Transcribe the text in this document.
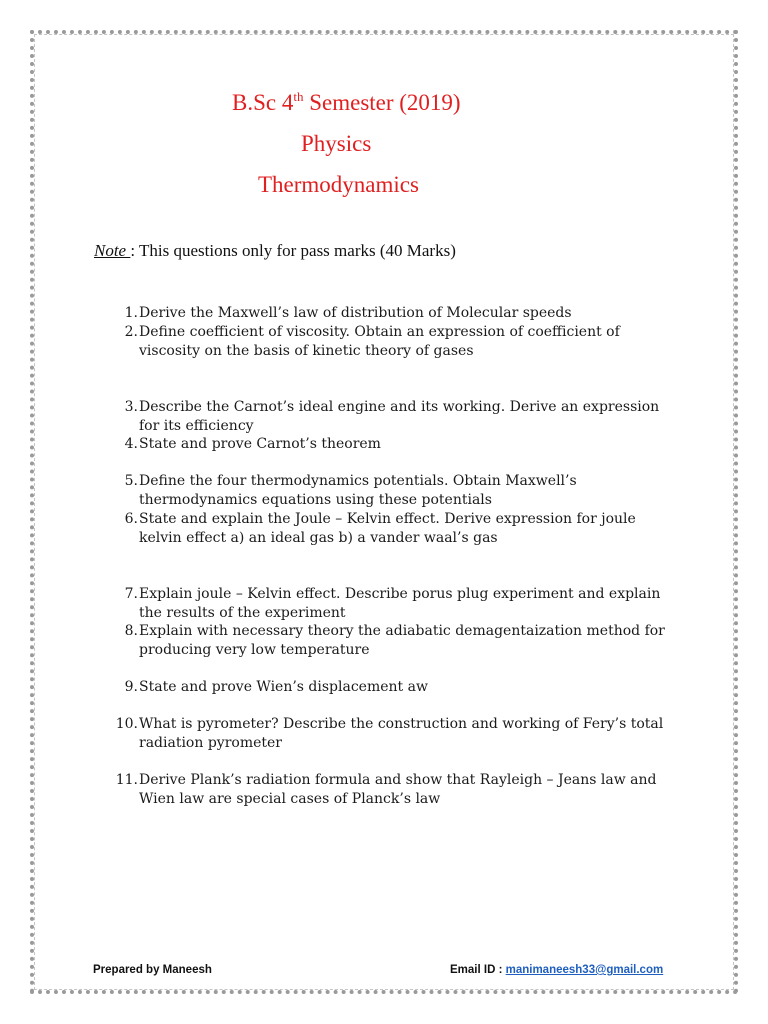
B.Sc 4th Semester (2019)
Physics
Thermodynamics
Note : This questions only for pass marks (40 Marks)
1. Derive the Maxwell’s law of distribution of Molecular speeds
2. Define coefficient of viscosity. Obtain an expression of coefficient of viscosity on the basis of kinetic theory of gases
3. Describe the Carnot’s ideal engine and its working. Derive an expression for its efficiency
4. State and prove Carnot’s theorem
5. Define the four thermodynamics potentials. Obtain Maxwell’s thermodynamics equations using these potentials
6. State and explain the Joule – Kelvin effect. Derive expression for joule kelvin effect a) an ideal gas b) a vander waal’s gas
7. Explain joule – Kelvin effect. Describe porus plug experiment and explain the results of the experiment
8. Explain with necessary theory the adiabatic demagentaization method for producing very low temperature
9. State and prove Wien’s displacement aw
10. What is pyrometer? Describe the construction and working of Fery’s total radiation pyrometer
11. Derive Plank’s radiation formula and show that Rayleigh – Jeans law and Wien law are special cases of Planck’s law
Prepared by Maneesh	Email ID : manimaneesh33@gmail.com
